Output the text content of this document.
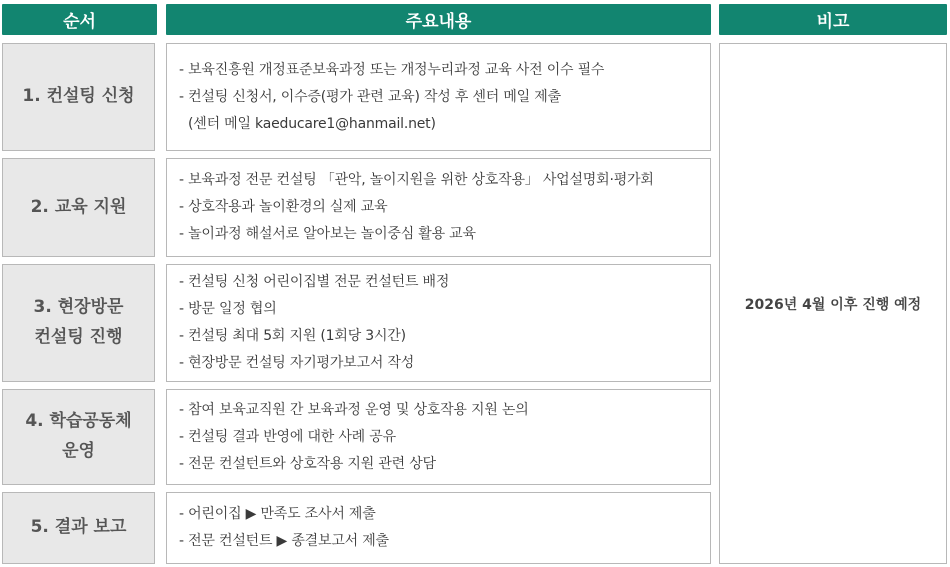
순서	주요내용	비고
1. 컨설팅 신청
- 보육진흥원 개정표준보육과정 또는 개정누리과정 교육 사전 이수 필수
- 컨설팅 신청서, 이수증(평가 관련 교육) 작성 후 센터 메일 제출
(센터 메일 kaeducare1@hanmail.net)
2. 교육 지원
- 보육과정 전문 컨설팅 「관악, 놀이지원을 위한 상호작용」 사업설명회·평가회
- 상호작용과 놀이환경의 실제 교육
- 놀이과정 해설서로 알아보는 놀이중심 활용 교육
3. 현장방문
컨설팅 진행
- 컨설팅 신청 어린이집별 전문 컨설턴트 배정
- 방문 일정 협의
- 컨설팅 최대 5회 지원 (1회당 3시간)
- 현장방문 컨설팅 자기평가보고서 작성
4. 학습공동체
운영
- 참여 보육교직원 간 보육과정 운영 및 상호작용 지원 논의
- 컨설팅 결과 반영에 대한 사례 공유
- 전문 컨설턴트와 상호작용 지원 관련 상담
5. 결과 보고
- 어린이집 ▶ 만족도 조사서 제출
- 전문 컨설턴트 ▶ 종결보고서 제출
2026년 4월 이후 진행 예정
